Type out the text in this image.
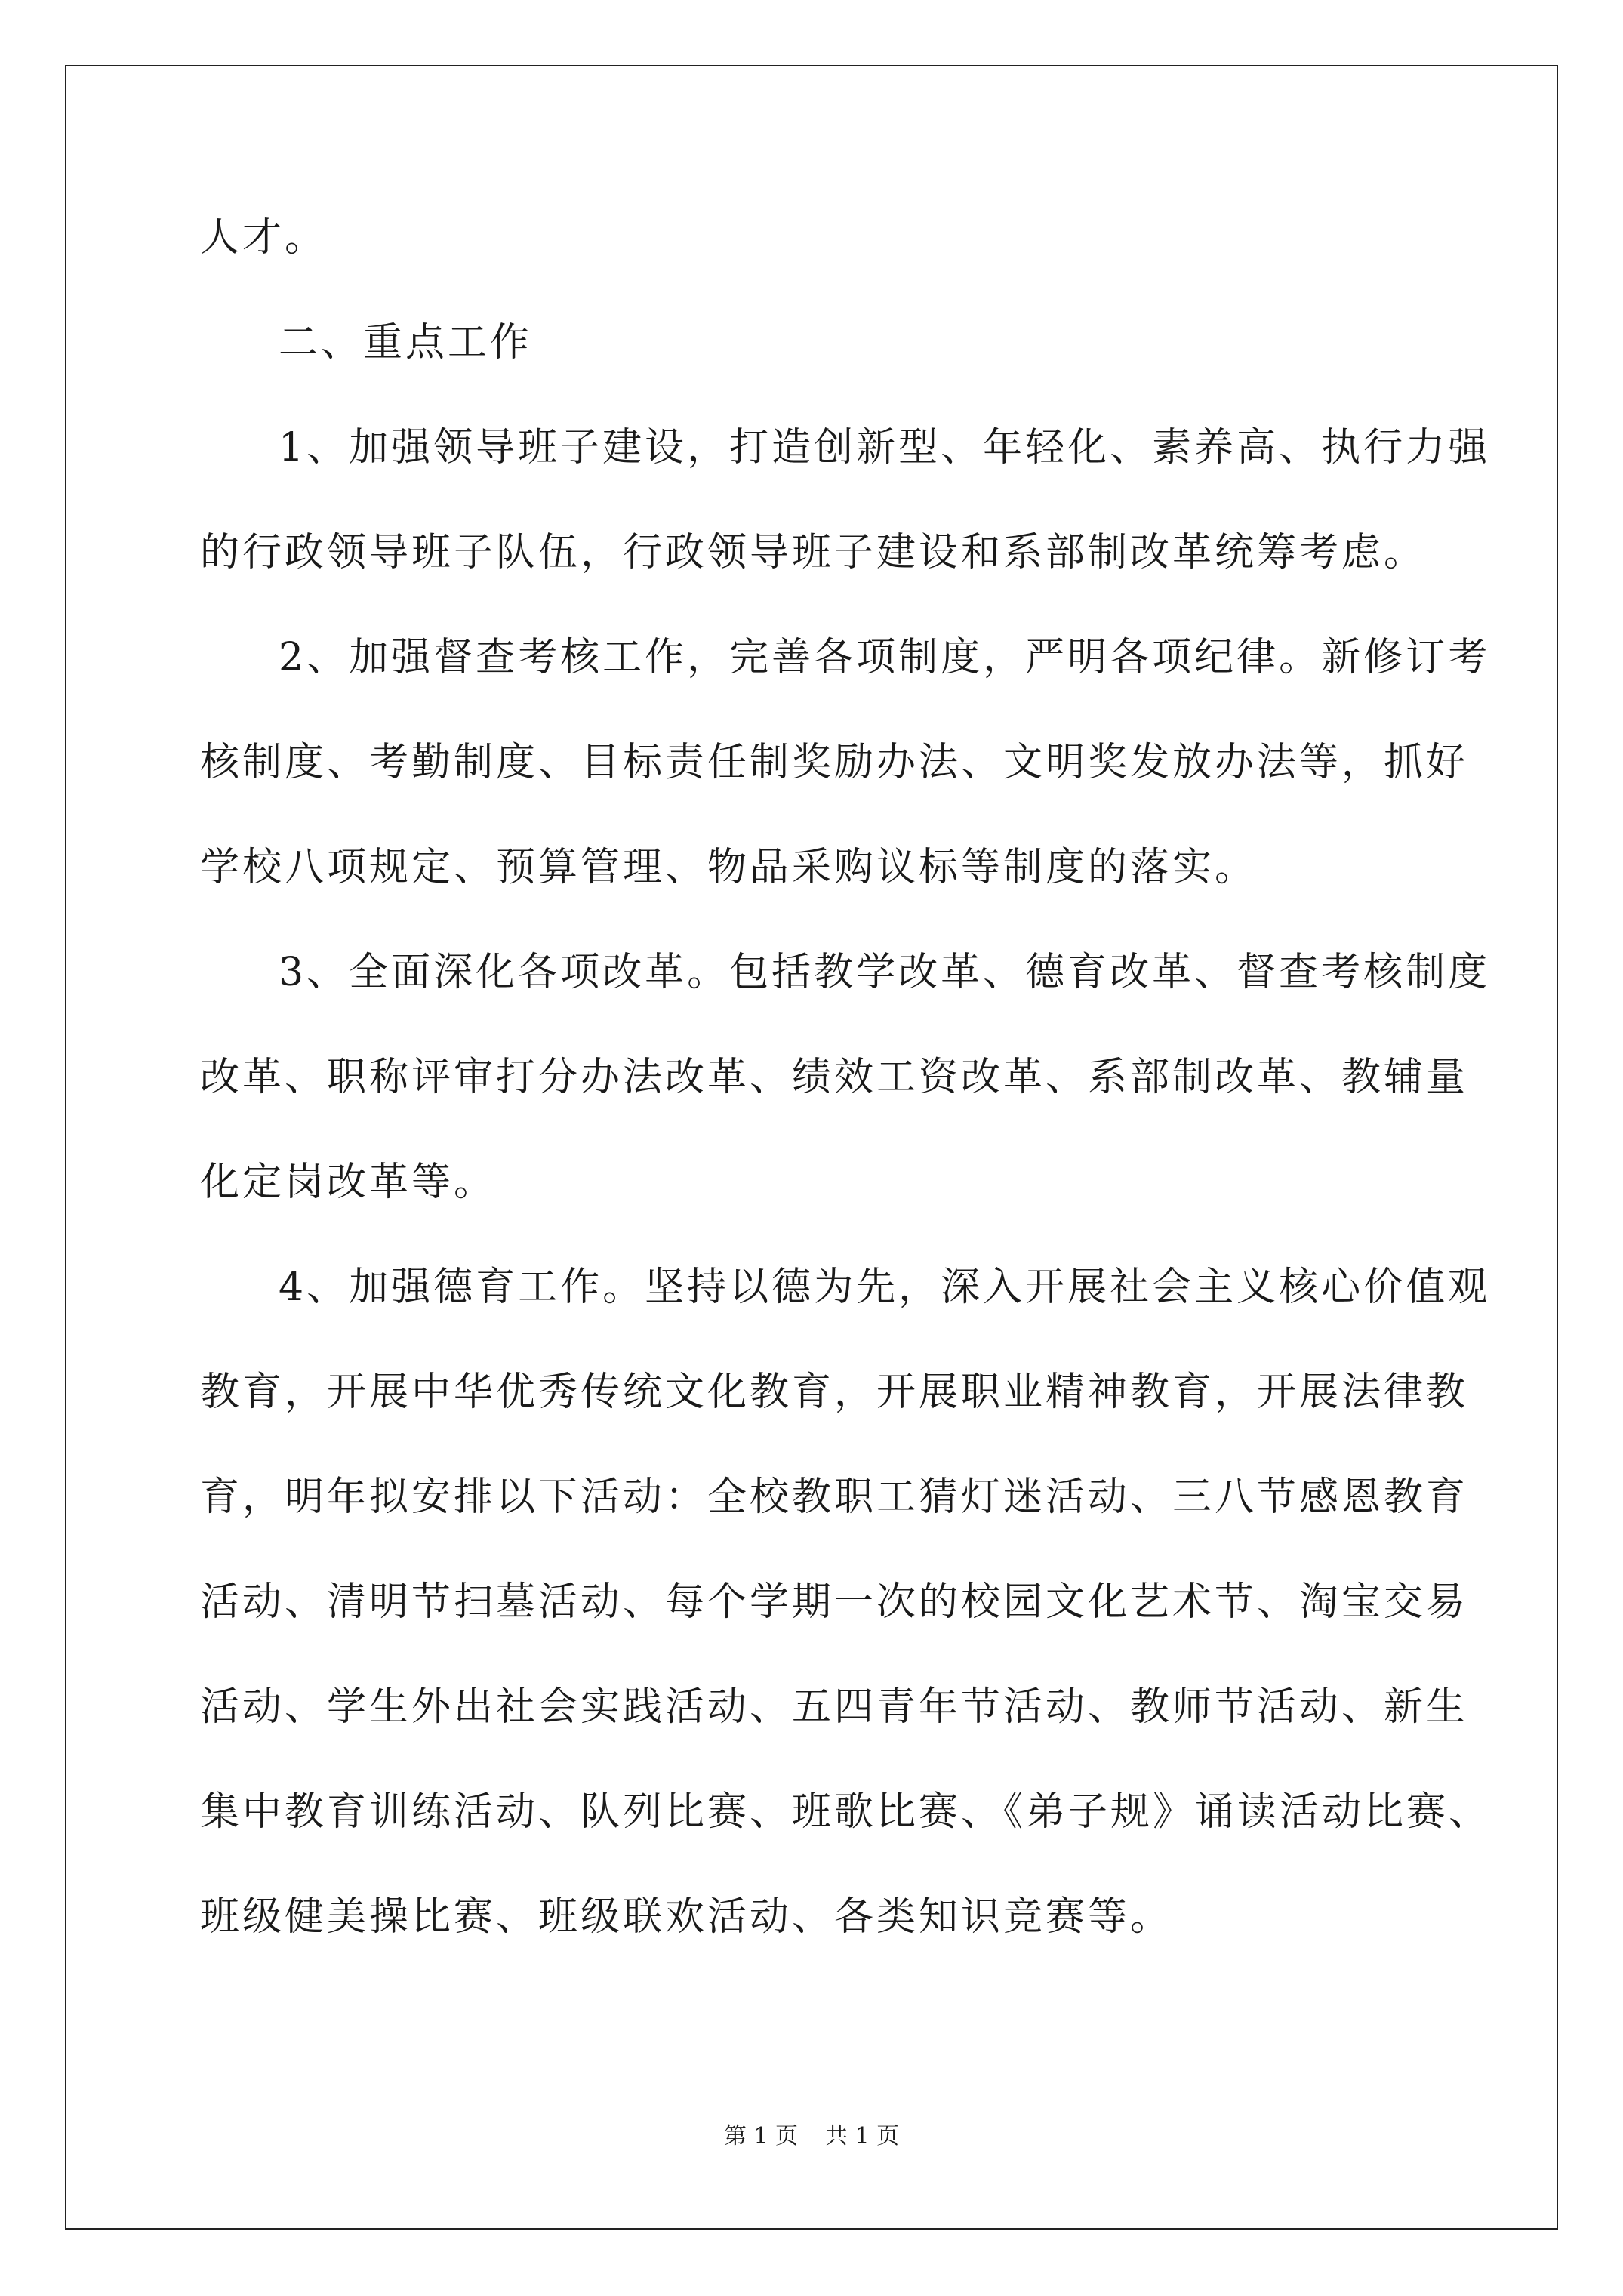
人才。
二、重点工作
1、加强领导班子建设，打造创新型、年轻化、素养高、执行力强
的行政领导班子队伍，行政领导班子建设和系部制改革统筹考虑。
2、加强督查考核工作，完善各项制度，严明各项纪律。新修订考
核制度、考勤制度、目标责任制奖励办法、文明奖发放办法等，抓好
学校八项规定、预算管理、物品采购议标等制度的落实。
3、全面深化各项改革。包括教学改革、德育改革、督查考核制度
改革、职称评审打分办法改革、绩效工资改革、系部制改革、教辅量
化定岗改革等。
4、加强德育工作。坚持以德为先，深入开展社会主义核心价值观
教育，开展中华优秀传统文化教育，开展职业精神教育，开展法律教
育，明年拟安排以下活动：全校教职工猜灯迷活动、三八节感恩教育
活动、清明节扫墓活动、每个学期一次的校园文化艺术节、淘宝交易
活动、学生外出社会实践活动、五四青年节活动、教师节活动、新生
集中教育训练活动、队列比赛、班歌比赛、《弟子规》诵读活动比赛、
班级健美操比赛、班级联欢活动、各类知识竞赛等。
第 1 页 共 1 页
